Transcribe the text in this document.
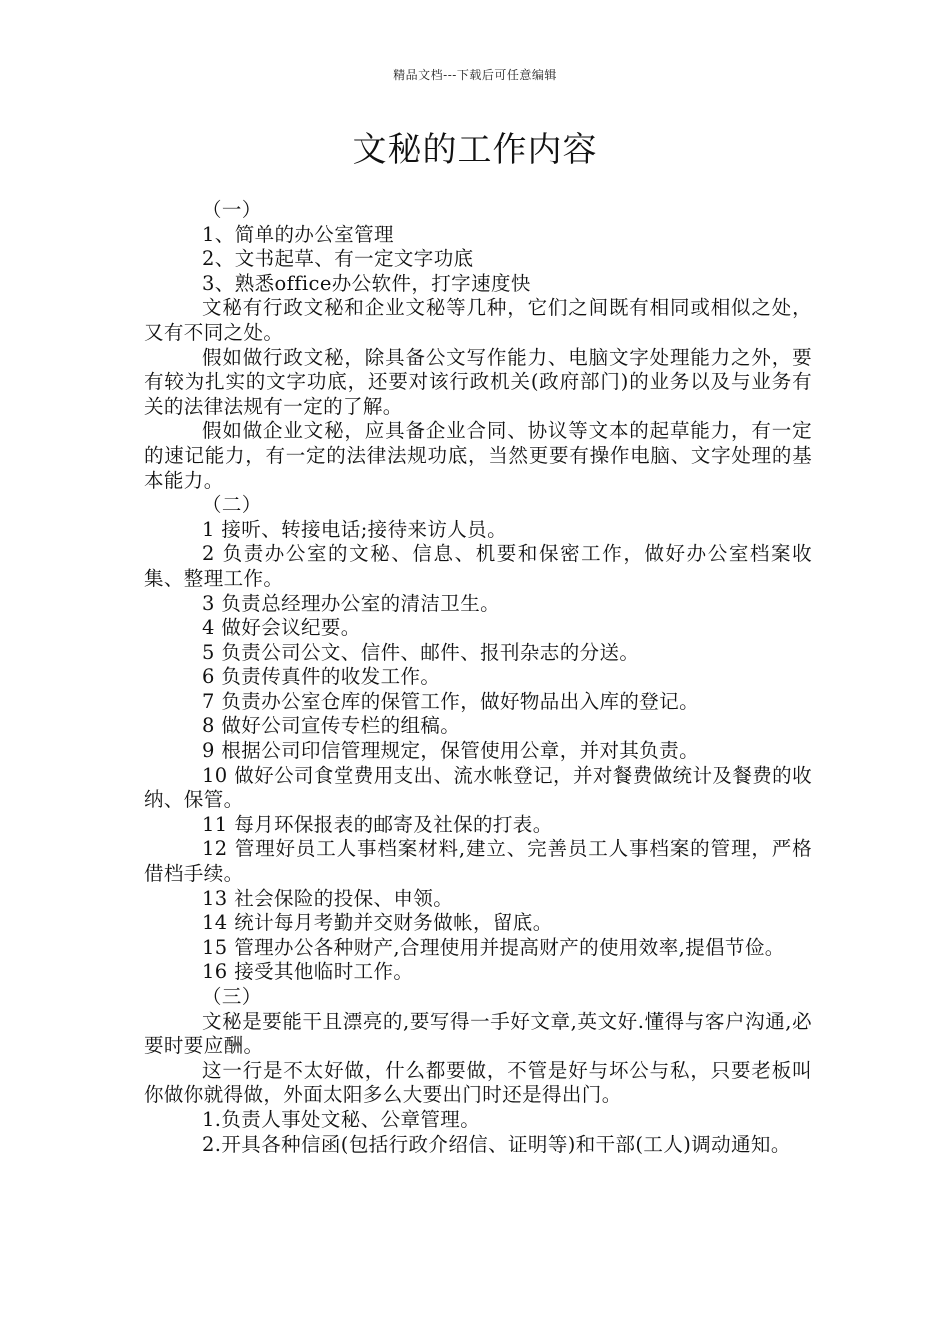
精品文档---下载后可任意编辑
文秘的工作内容

（一）

1、简单的办公室管理

2、文书起草、有一定文字功底

3、熟悉office办公软件，打字速度快

文秘有行政文秘和企业文秘等几种，它们之间既有相同或相似之处，又有不同之处。

假如做行政文秘，除具备公文写作能力、电脑文字处理能力之外，要有较为扎实的文字功底，还要对该行政机关(政府部门)的业务以及与业务有关的法律法规有一定的了解。

假如做企业文秘，应具备企业合同、协议等文本的起草能力，有一定的速记能力，有一定的法律法规功底，当然更要有操作电脑、文字处理的基本能力。

（二）

1 接听、转接电话;接待来访人员。

2 负责办公室的文秘、信息、机要和保密工作，做好办公室档案收集、整理工作。

3 负责总经理办公室的清洁卫生。

4 做好会议纪要。

5 负责公司公文、信件、邮件、报刊杂志的分送。

6 负责传真件的收发工作。

7 负责办公室仓库的保管工作，做好物品出入库的登记。

8 做好公司宣传专栏的组稿。

9 根据公司印信管理规定，保管使用公章，并对其负责。

10 做好公司食堂费用支出、流水帐登记，并对餐费做统计及餐费的收纳、保管。

11 每月环保报表的邮寄及社保的打表。

12 管理好员工人事档案材料,建立、完善员工人事档案的管理，严格借档手续。

13 社会保险的投保、申领。

14 统计每月考勤并交财务做帐，留底。

15 管理办公各种财产,合理使用并提高财产的使用效率,提倡节俭。

16 接受其他临时工作。

（三）

文秘是要能干且漂亮的,要写得一手好文章,英文好.懂得与客户沟通,必要时要应酬。

这一行是不太好做，什么都要做，不管是好与坏公与私，只要老板叫你做你就得做，外面太阳多么大要出门时还是得出门。

1.负责人事处文秘、公章管理。

2.开具各种信函(包括行政介绍信、证明等)和干部(工人)调动通知。
